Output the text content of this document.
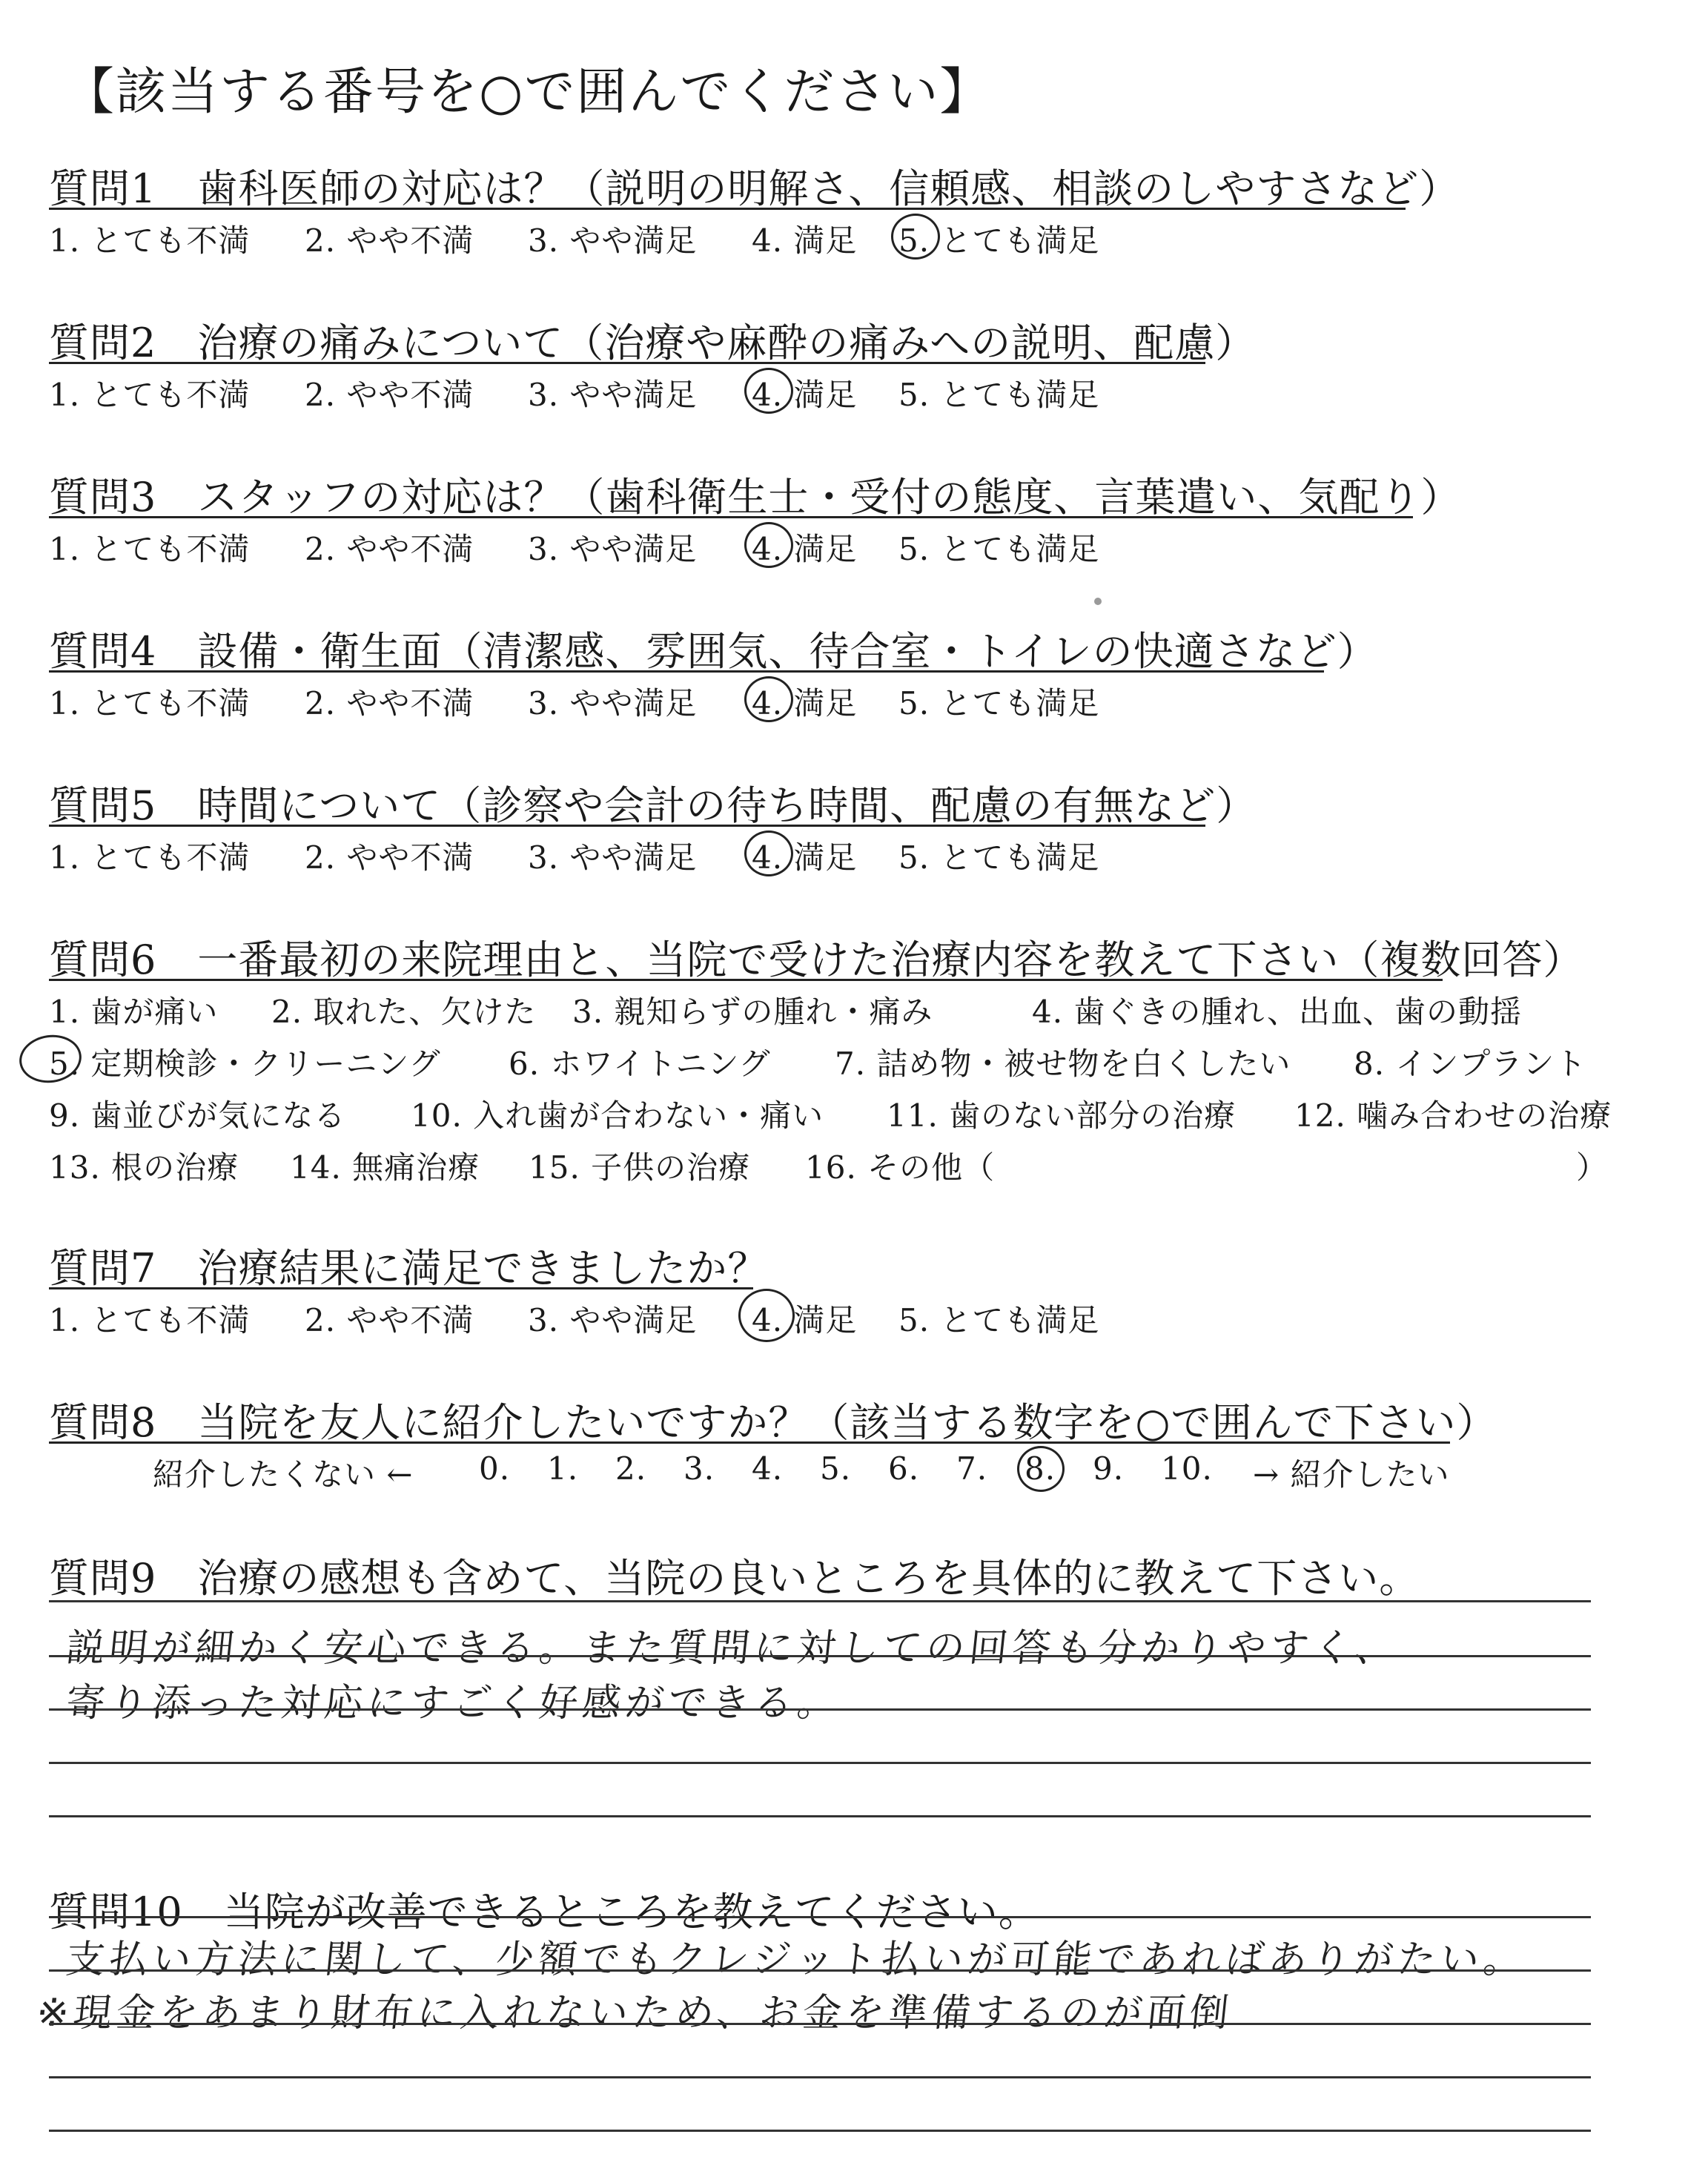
【該当する番号を○で囲んでください】
質問1　歯科医師の対応は？（説明の明解さ、信頼感、相談のしやすさなど）
1. とても不満 2. やや不満 3. やや満足 4. 満足 5. とても満足
質問2　治療の痛みについて（治療や麻酔の痛みへの説明、配慮）
1. とても不満 2. やや不満 3. やや満足 4. 満足 5. とても満足
質問3　スタッフの対応は？（歯科衛生士・受付の態度、言葉遣い、気配り）
1. とても不満 2. やや不満 3. やや満足 4. 満足 5. とても満足
質問4　設備・衛生面（清潔感、雰囲気、待合室・トイレの快適さなど）
1. とても不満 2. やや不満 3. やや満足 4. 満足 5. とても満足
質問5　時間について（診察や会計の待ち時間、配慮の有無など）
1. とても不満 2. やや不満 3. やや満足 4. 満足 5. とても満足
質問6　一番最初の来院理由と、当院で受けた治療内容を教えて下さい（複数回答）
1. 歯が痛い 2. 取れた、欠けた 3. 親知らずの腫れ・痛み	4. 歯ぐきの腫れ、出血、歯の動揺
5. 定期検診・クリーニング 6. ホワイトニング 7. 詰め物・被せ物を白くしたい 8. インプラント
9. 歯並びが気になる 10. 入れ歯が合わない・痛い 11. 歯のない部分の治療 12. 噛み合わせの治療
13. 根の治療 14. 無痛治療 15. 子供の治療 16. その他（	）
質問7　治療結果に満足できましたか？
1. とても不満 2. やや不満 3. やや満足 4. 満足 5. とても満足
質問8　当院を友人に紹介したいですか？（該当する数字を○で囲んで下さい）
紹介したくない ← 0. 1. 2. 3. 4. 5. 6. 7. 8. 9. 10. → 紹介したい
質問9　治療の感想も含めて、当院の良いところを具体的に教えて下さい。
説明が細かく安心できる。また質問に対しての回答も分かりやすく、
寄り添った対応にすごく好感ができる。
質問10　当院が改善できるところを教えてください。
支払い方法に関して、少額でもクレジット払いが可能であればありがたい。
※現金をあまり財布に入れないため、お金を準備するのが面倒
